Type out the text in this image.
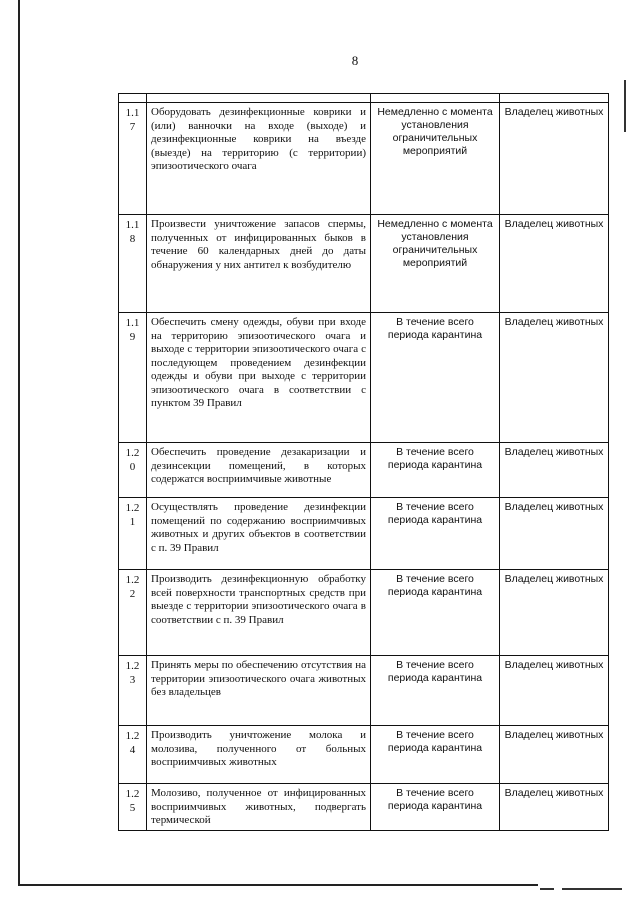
8

1.17	Оборудовать дезинфекционные коврики и (или) ванночки на входе (выходе) и дезинфекционные коврики на въезде (выезде) на территорию (с территории) эпизоотического очага	Немедленно с момента установления ограничительных мероприятий	Владелец животных
1.18	Произвести уничтожение запасов спермы, полученных от инфицированных быков в течение 60 календарных дней до даты обнаружения у них антител к возбудителю	Немедленно с момента установления ограничительных мероприятий	Владелец животных
1.19	Обеспечить смену одежды, обуви при входе на территорию эпизоотического очага и выходе с территории эпизоотического очага с последующем проведением дезинфекции одежды и обуви при выходе с территории эпизоотического очага в соответствии с пунктом 39 Правил	В течение всего периода карантина	Владелец животных
1.20	Обеспечить проведение дезакаризации и дезинсекции помещений, в которых содержатся восприимчивые животные	В течение всего периода карантина	Владелец животных
1.21	Осуществлять проведение дезинфекции помещений по содержанию восприимчивых животных и других объектов в соответствии с п. 39 Правил	В течение всего периода карантина	Владелец животных
1.22	Производить дезинфекционную обработку всей поверхности транспортных средств при выезде с территории эпизоотического очага в соответствии с п. 39 Правил	В течение всего периода карантина	Владелец животных
1.23	Принять меры по обеспечению отсутствия на территории эпизоотического очага животных без владельцев	В течение всего периода карантина	Владелец животных
1.24	Производить уничтожение молока и молозива, полученного от больных восприимчивых животных	В течение всего периода карантина	Владелец животных
1.25	Молозиво, полученное от инфицированных восприимчивых животных, подвергать термической	В течение всего периода карантина	Владелец животных
